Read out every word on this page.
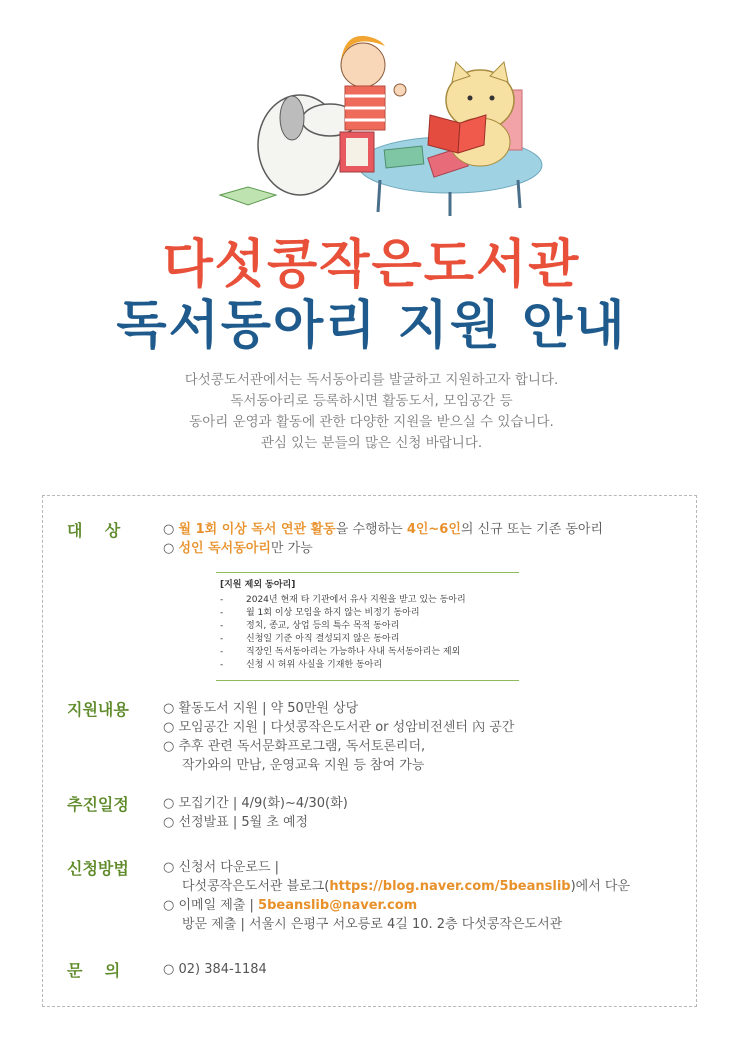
다섯콩작은도서관
독서동아리 지원 안내
다섯콩도서관에서는 독서동아리를 발굴하고 지원하고자 합니다.
독서동아리로 등록하시면 활동도서, 모임공간 등
동아리 운영과 활동에 관한 다양한 지원을 받으실 수 있습니다.
관심 있는 분들의 많은 신청 바랍니다.
대    상	○ 월 1회 이상 독서 연관 활동을 수행하는 4인~6인의 신규 또는 기존 동아리
○ 성인 독서동아리만 가능
[지원 제외 동아리]
-	2024년 현재 타 기관에서 유사 지원을 받고 있는 동아리
-	월 1회 이상 모임을 하지 않는 비정기 동아리
-	정치, 종교, 상업 등의 특수 목적 동아리
-	신청일 기준 아직 결성되지 않은 동아리
-	직장인 독서동아리는 가능하나 사내 독서동아리는 제외
-	신청 시 허위 사실을 기재한 동아리
지원내용	○ 활동도서 지원 | 약 50만원 상당
○ 모임공간 지원 | 다섯콩작은도서관 or 성암비전센터 內 공간
○ 추후 관련 독서문화프로그램, 독서토론리더,
작가와의 만남, 운영교육 지원 등 참여 가능
추진일정	○ 모집기간 | 4/9(화)~4/30(화)
○ 선정발표 | 5월 초 예정
신청방법	○ 신청서 다운로드 |
다섯콩작은도서관 블로그(https://blog.naver.com/5beanslib)에서 다운
○ 이메일 제출 | 5beanslib@naver.com
방문 제출 | 서울시 은평구 서오릉로 4길 10. 2층 다섯콩작은도서관
문    의	○ 02) 384-1184
